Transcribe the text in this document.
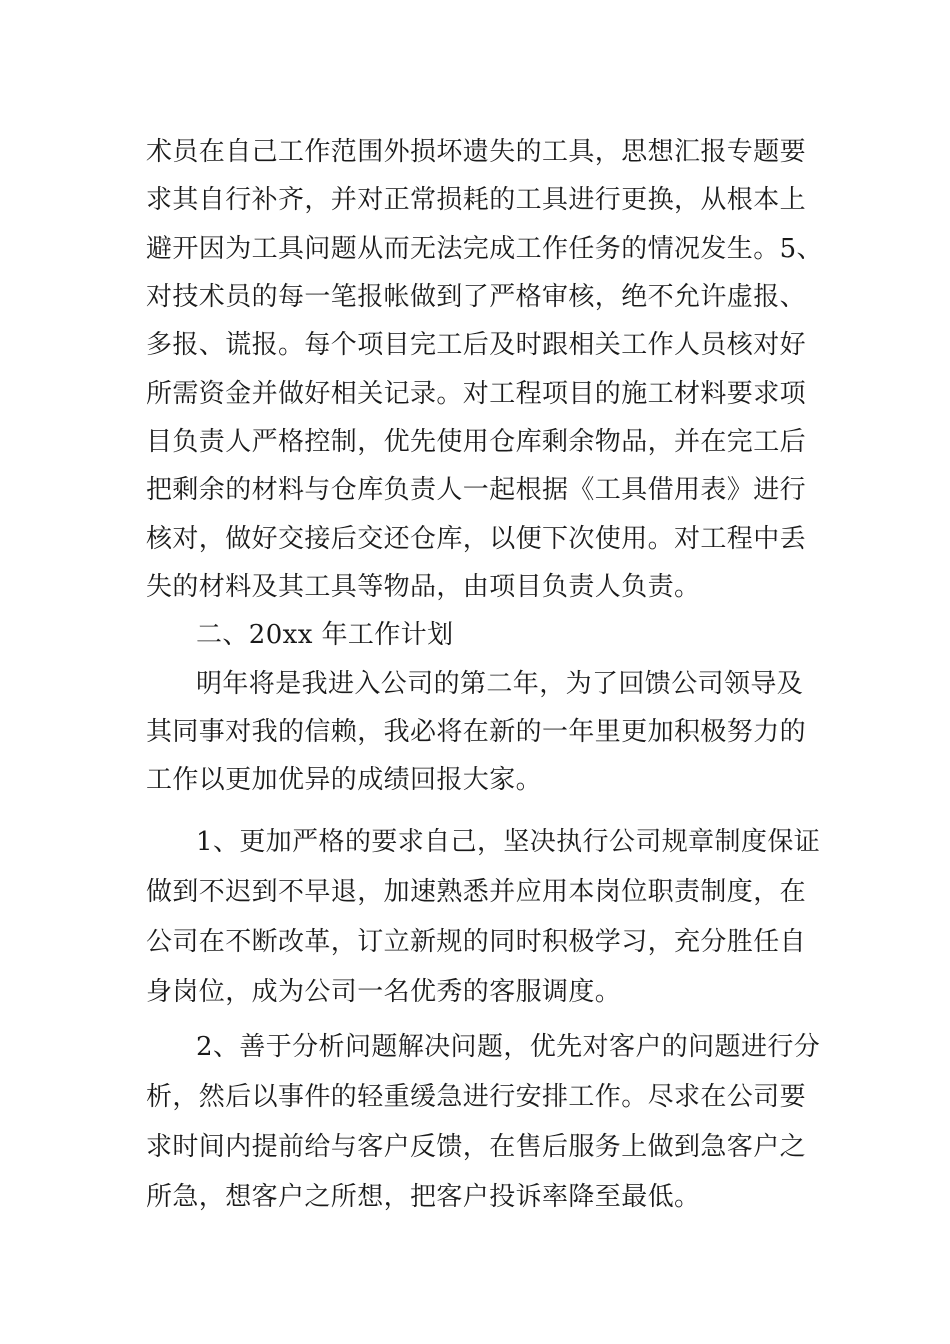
术员在自己工作范围外损坏遗失的工具，思想汇报专题要
求其自行补齐，并对正常损耗的工具进行更换，从根本上
避开因为工具问题从而无法完成工作任务的情况发生。5、
对技术员的每一笔报帐做到了严格审核，绝不允许虚报、
多报、谎报。每个项目完工后及时跟相关工作人员核对好
所需资金并做好相关记录。对工程项目的施工材料要求项
目负责人严格控制，优先使用仓库剩余物品，并在完工后
把剩余的材料与仓库负责人一起根据《工具借用表》进行
核对，做好交接后交还仓库，以便下次使用。对工程中丢
失的材料及其工具等物品，由项目负责人负责。
二、20xx 年工作计划
明年将是我进入公司的第二年，为了回馈公司领导及
其同事对我的信赖，我必将在新的一年里更加积极努力的
工作以更加优异的成绩回报大家。
1、更加严格的要求自己，坚决执行公司规章制度保证
做到不迟到不早退，加速熟悉并应用本岗位职责制度，在
公司在不断改革，订立新规的同时积极学习，充分胜任自
身岗位，成为公司一名优秀的客服调度。
2、善于分析问题解决问题，优先对客户的问题进行分
析，然后以事件的轻重缓急进行安排工作。尽求在公司要
求时间内提前给与客户反馈，在售后服务上做到急客户之
所急，想客户之所想，把客户投诉率降至最低。
